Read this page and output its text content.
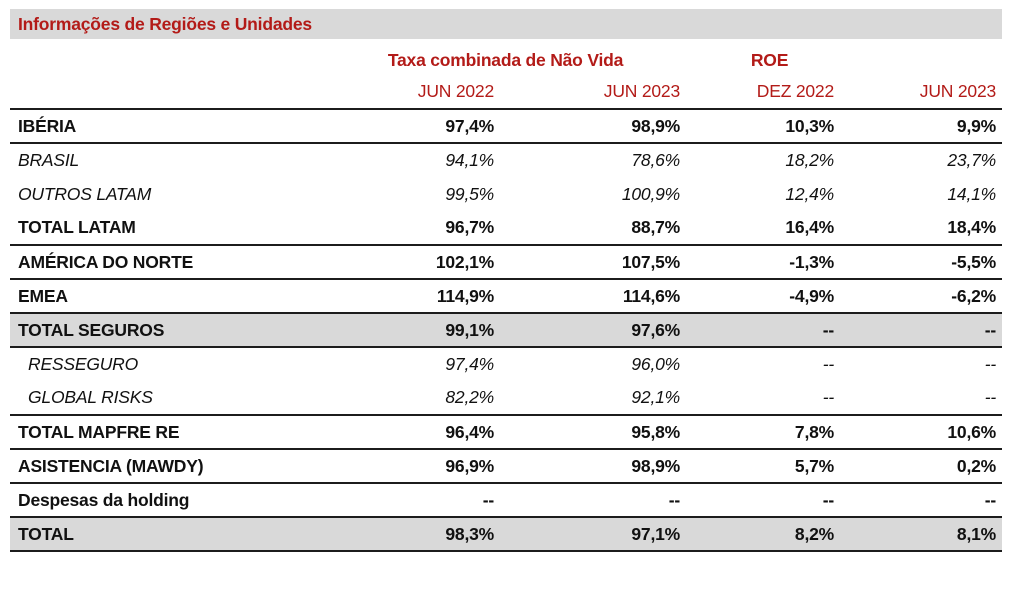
Informações de Regiões e Unidades
	Taxa combinada de Não Vida		ROE	
	JUN 2022	JUN 2023	DEZ 2022	JUN 2023
IBÉRIA	97,4%	98,9%	10,3%	9,9%
BRASIL	94,1%	78,6%	18,2%	23,7%
OUTROS LATAM	99,5%	100,9%	12,4%	14,1%
TOTAL LATAM	96,7%	88,7%	16,4%	18,4%
AMÉRICA DO NORTE	102,1%	107,5%	-1,3%	-5,5%
EMEA	114,9%	114,6%	-4,9%	-6,2%
TOTAL SEGUROS	99,1%	97,6%	--	--
RESSEGURO	97,4%	96,0%	--	--
GLOBAL RISKS	82,2%	92,1%	--	--
TOTAL MAPFRE RE	96,4%	95,8%	7,8%	10,6%
ASISTENCIA (MAWDY)	96,9%	98,9%	5,7%	0,2%
Despesas da holding	--	--	--	--
TOTAL	98,3%	97,1%	8,2%	8,1%
